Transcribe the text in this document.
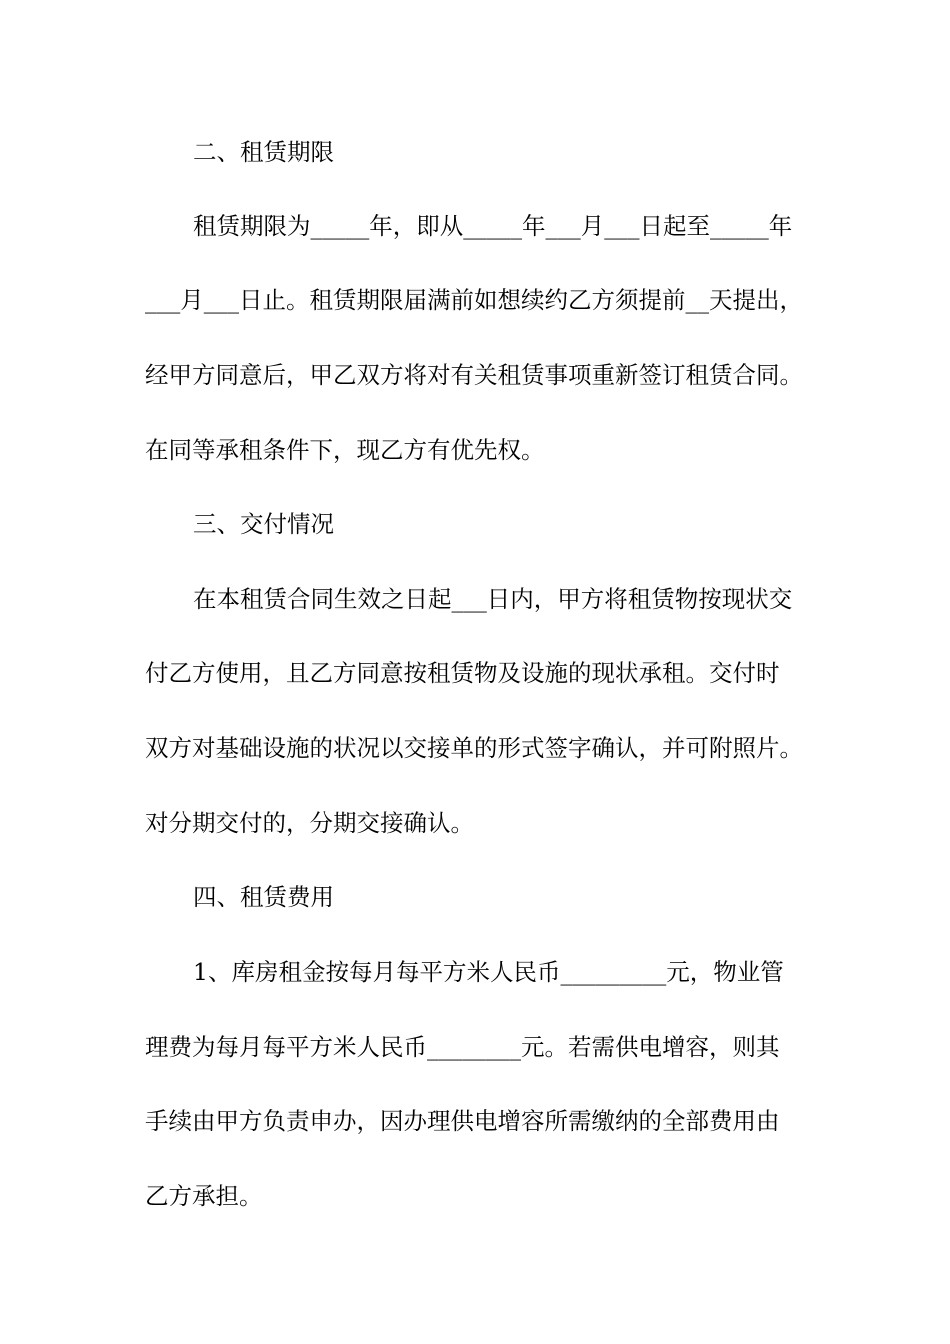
二、租赁期限
租赁期限为_____年，即从_____年___月___日起至_____年
___月___日止。租赁期限届满前如想续约乙方须提前__天提出，
经甲方同意后，甲乙双方将对有关租赁事项重新签订租赁合同。
在同等承租条件下，现乙方有优先权。
三、交付情况
在本租赁合同生效之日起___日内，甲方将租赁物按现状交
付乙方使用，且乙方同意按租赁物及设施的现状承租。交付时
双方对基础设施的状况以交接单的形式签字确认，并可附照片。
对分期交付的，分期交接确认。
四、租赁费用
1、库房租金按每月每平方米人民币_________元，物业管
理费为每月每平方米人民币________元。若需供电增容，则其
手续由甲方负责申办，因办理供电增容所需缴纳的全部费用由
乙方承担。
